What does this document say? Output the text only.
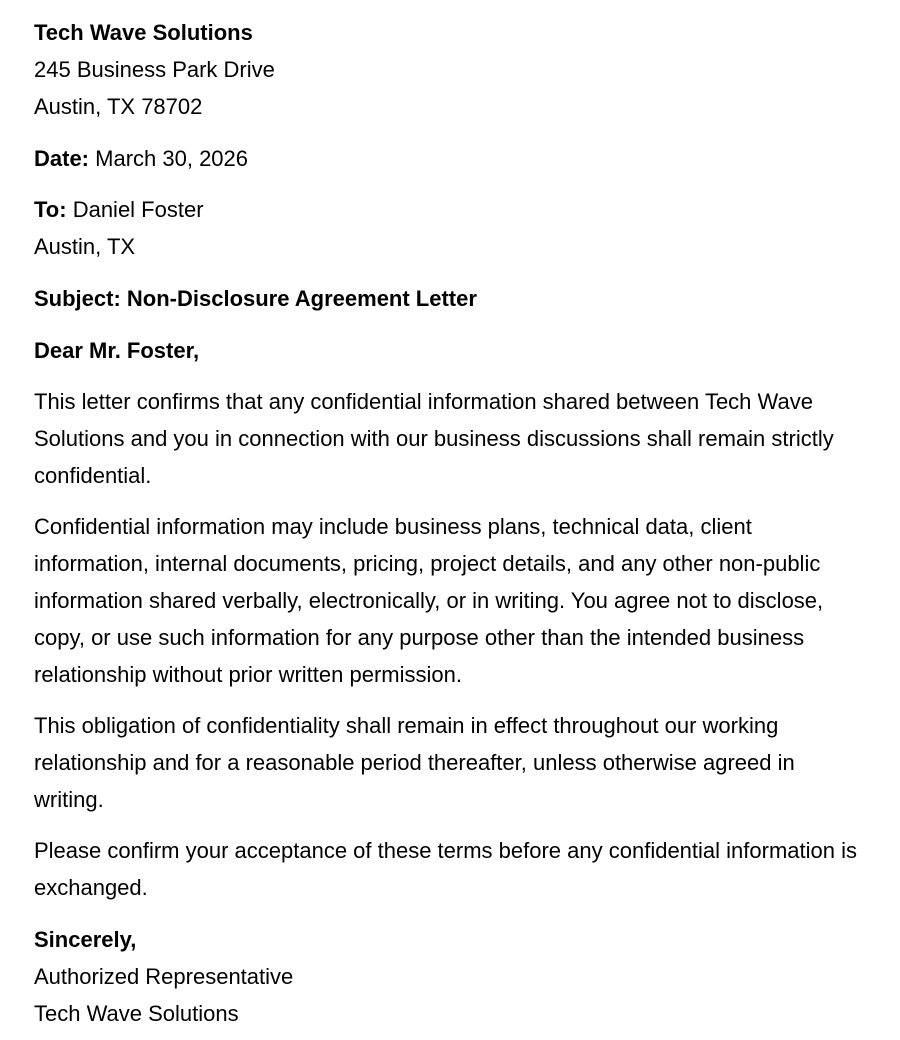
Tech Wave Solutions
245 Business Park Drive
Austin, TX 78702
Date: March 30, 2026
To: Daniel Foster
Austin, TX
Subject: Non-Disclosure Agreement Letter
Dear Mr. Foster,

This letter confirms that any confidential information shared between Tech Wave Solutions and you in connection with our business discussions shall remain strictly confidential.

Confidential information may include business plans, technical data, client information, internal documents, pricing, project details, and any other non-public information shared verbally, electronically, or in writing. You agree not to disclose, copy, or use such information for any purpose other than the intended business relationship without prior written permission.

This obligation of confidentiality shall remain in effect throughout our working relationship and for a reasonable period thereafter, unless otherwise agreed in writing.

Please confirm your acceptance of these terms before any confidential information is exchanged.

Sincerely,
Authorized Representative
Tech Wave Solutions
